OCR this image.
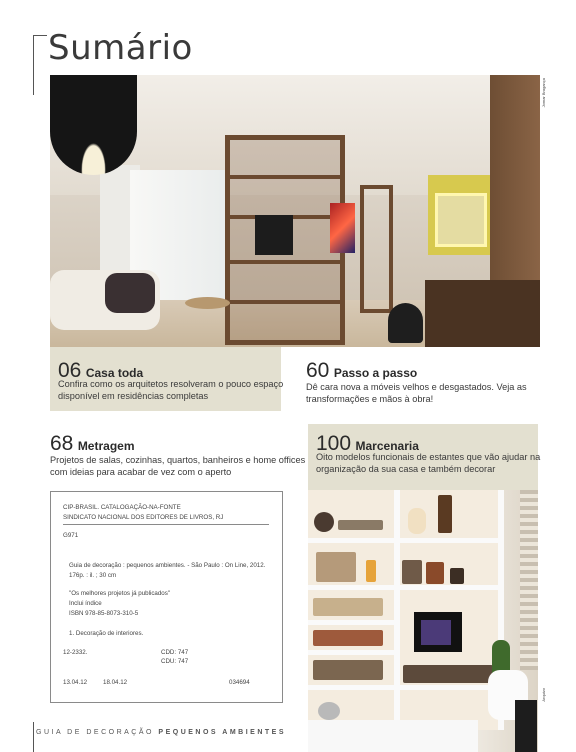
Sumário
Jomar Bragança
06 Casa toda
Confira como os arquitetos resolveram o pouco espaço
disponível em residências completas
60 Passo a passo
Dê cara nova a móveis velhos e desgastados. Veja as
transformações e mãos à obra!
68 Metragem
Projetos de salas, cozinhas, quartos, banheiros e home offices
com ideias para acabar de vez com o aperto
100 Marcenaria
Oito modelos funcionais de estantes que vão ajudar na
organização da sua casa e também decorar
CIP-BRASIL. CATALOGAÇÃO-NA-FONTE
SINDICATO NACIONAL DOS EDITORES DE LIVROS, RJ
G971
Guia de decoração : pequenos ambientes. - São Paulo : On Line, 2012.
176p. : il. ; 30 cm
"Os melhores projetos já publicados"
Inclui índice
ISBN 978-85-8073-310-5
1. Decoração de interiores.
12-2332.	CDD: 747
CDU: 747
13.04.12	18.04.12	034694
Arquivo
GUIA DE DECORAÇÃO PEQUENOS AMBIENTES
